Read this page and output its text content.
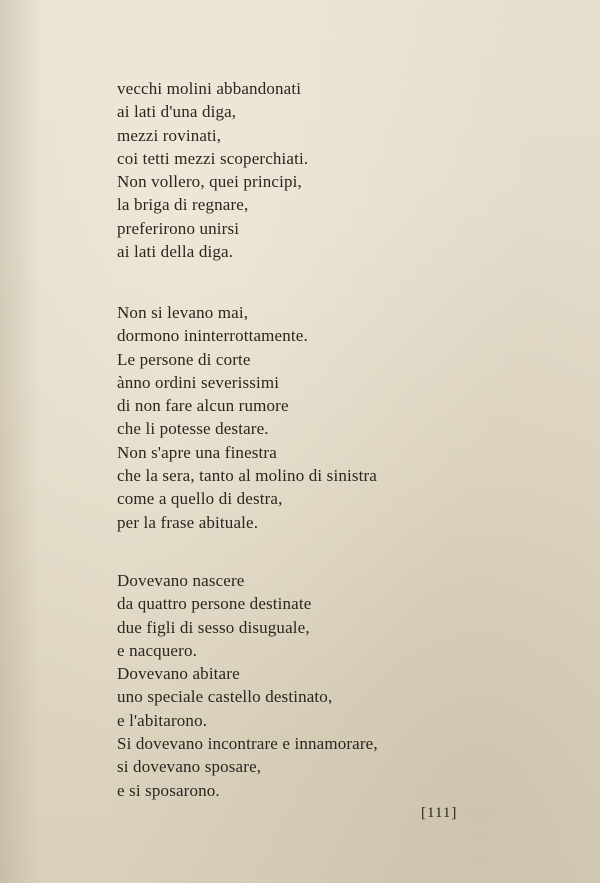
vecchi molini abbandonati
ai lati d'una diga,
mezzi rovinati,
coi tetti mezzi scoperchiati.
Non vollero, quei principi,
la briga di regnare,
preferirono unirsi
ai lati della diga.
Non si levano mai,
dormono ininterrottamente.
Le persone di corte
ànno ordini severissimi
di non fare alcun rumore
che li potesse destare.
Non s'apre una finestra
che la sera, tanto al molino di sinistra
come a quello di destra,
per la frase abituale.
Dovevano nascere
da quattro persone destinate
due figli di sesso disuguale,
e nacquero.
Dovevano abitare
uno speciale castello destinato,
e l'abitarono.
Si dovevano incontrare e innamorare,
si dovevano sposare,
e si sposarono.
[111]
